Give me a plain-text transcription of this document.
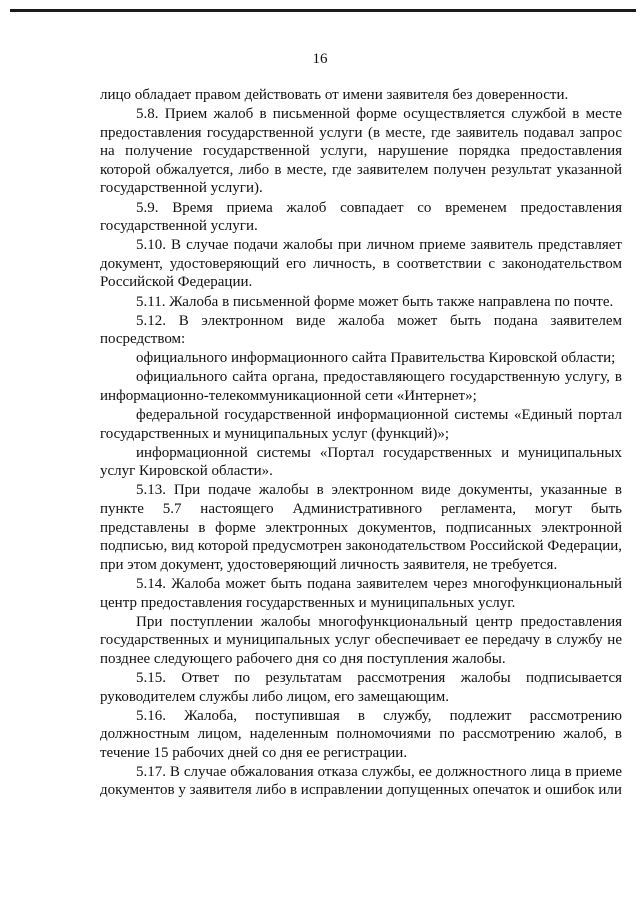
16

лицо обладает правом действовать от имени заявителя без доверенности.

5.8. Прием жалоб в письменной форме осуществляется службой в месте предоставления государственной услуги (в месте, где заявитель подавал запрос на получение государственной услуги, нарушение порядка предоставления которой обжалуется, либо в месте, где заявителем получен результат указанной государственной услуги).

5.9. Время приема жалоб совпадает со временем предоставления государственной услуги.

5.10. В случае подачи жалобы при личном приеме заявитель представляет документ, удостоверяющий его личность, в соответствии с законодательством Российской Федерации.

5.11. Жалоба в письменной форме может быть также направлена по почте.

5.12. В электронном виде жалоба может быть подана заявителем посредством:

официального информационного сайта Правительства Кировской области;

официального сайта органа, предоставляющего государственную услугу, в информационно-телекоммуникационной сети «Интернет»;

федеральной государственной информационной системы «Единый портал государственных и муниципальных услуг (функций)»;

информационной системы «Портал государственных и муниципальных услуг Кировской области».

5.13. При подаче жалобы в электронном виде документы, указанные в пункте 5.7 настоящего Административного регламента, могут быть представлены в форме электронных документов, подписанных электронной подписью, вид которой предусмотрен законодательством Российской Федерации, при этом документ, удостоверяющий личность заявителя, не требуется.

5.14. Жалоба может быть подана заявителем через многофункциональный центр предоставления государственных и муниципальных услуг.

При поступлении жалобы многофункциональный центр предоставления государственных и муниципальных услуг обеспечивает ее передачу в службу не позднее следующего рабочего дня со дня поступления жалобы.

5.15. Ответ по результатам рассмотрения жалобы подписывается руководителем службы либо лицом, его замещающим.

5.16. Жалоба, поступившая в службу, подлежит рассмотрению должностным лицом, наделенным полномочиями по рассмотрению жалоб, в течение 15 рабочих дней со дня ее регистрации.

5.17. В случае обжалования отказа службы, ее должностного лица в приеме документов у заявителя либо в исправлении допущенных опечаток и ошибок или
